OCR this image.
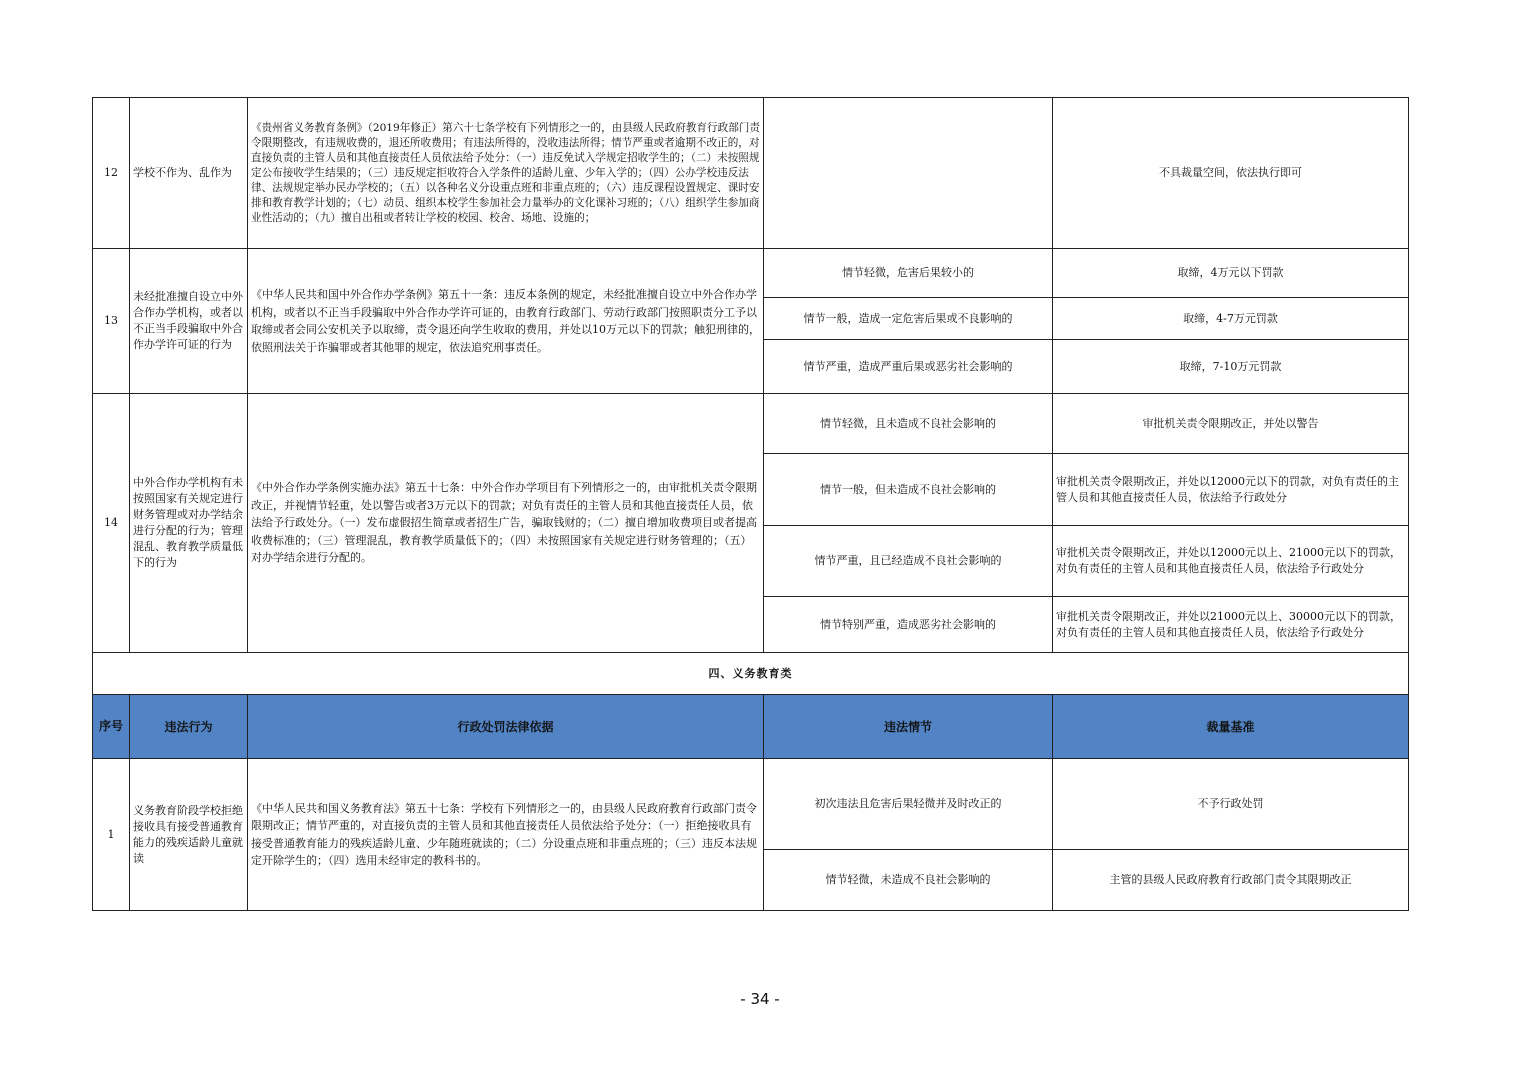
12	学校不作为、乱作为	《贵州省义务教育条例》（2019年修正）第六十七条学校有下列情形之一的，由县级人民政府教育行政部门责令限期整改，有违规收费的，退还所收费用；有违法所得的，没收违法所得；情节严重或者逾期不改正的，对直接负责的主管人员和其他直接责任人员依法给予处分：（一）违反免试入学规定招收学生的；（二）未按照规定公布接收学生结果的；（三）违反规定拒收符合入学条件的适龄儿童、少年入学的；（四）公办学校违反法律、法规规定举办民办学校的；（五）以各种名义分设重点班和非重点班的；（六）违反课程设置规定、课时安排和教育教学计划的；（七）动员、组织本校学生参加社会力量举办的文化课补习班的；（八）组织学生参加商业性活动的；（九）擅自出租或者转让学校的校园、校舍、场地、设施的；		不具裁量空间，依法执行即可
13	未经批准擅自设立中外合作办学机构，或者以不正当手段骗取中外合作办学许可证的行为	《中华人民共和国中外合作办学条例》第五十一条：违反本条例的规定，未经批准擅自设立中外合作办学机构，或者以不正当手段骗取中外合作办学许可证的，由教育行政部门、劳动行政部门按照职责分工予以取缔或者会同公安机关予以取缔，责令退还向学生收取的费用，并处以10万元以下的罚款；触犯刑律的，依照刑法关于诈骗罪或者其他罪的规定，依法追究刑事责任。	情节轻微，危害后果较小的	取缔，4万元以下罚款
			情节一般，造成一定危害后果或不良影响的	取缔，4-7万元罚款
			情节严重，造成严重后果或恶劣社会影响的	取缔，7-10万元罚款
14	中外合作办学机构有未按照国家有关规定进行财务管理或对办学结余进行分配的行为；管理混乱、教育教学质量低下的行为	《中外合作办学条例实施办法》第五十七条：中外合作办学项目有下列情形之一的，由审批机关责令限期改正，并视情节轻重，处以警告或者3万元以下的罚款；对负有责任的主管人员和其他直接责任人员，依法给予行政处分。（一）发布虚假招生简章或者招生广告，骗取钱财的；（二）擅自增加收费项目或者提高收费标准的；（三）管理混乱，教育教学质量低下的；（四）未按照国家有关规定进行财务管理的；（五）对办学结余进行分配的。	情节轻微，且未造成不良社会影响的	审批机关责令限期改正，并处以警告
			情节一般，但未造成不良社会影响的	审批机关责令限期改正，并处以12000元以下的罚款，对负有责任的主管人员和其他直接责任人员，依法给予行政处分
			情节严重，且已经造成不良社会影响的	审批机关责令限期改正，并处以12000元以上、21000元以下的罚款，对负有责任的主管人员和其他直接责任人员，依法给予行政处分
			情节特别严重，造成恶劣社会影响的	审批机关责令限期改正，并处以21000元以上、30000元以下的罚款，对负有责任的主管人员和其他直接责任人员，依法给予行政处分
四、义务教育类				
序号	违法行为	行政处罚法律依据	违法情节	裁量基准
1	义务教育阶段学校拒绝接收具有接受普通教育能力的残疾适龄儿童就读	《中华人民共和国义务教育法》第五十七条：学校有下列情形之一的，由县级人民政府教育行政部门责令限期改正；情节严重的，对直接负责的主管人员和其他直接责任人员依法给予处分：（一）拒绝接收具有接受普通教育能力的残疾适龄儿童、少年随班就读的；（二）分设重点班和非重点班的；（三）违反本法规定开除学生的；（四）选用未经审定的教科书的。	初次违法且危害后果轻微并及时改正的	不予行政处罚
			情节轻微，未造成不良社会影响的	主管的县级人民政府教育行政部门责令其限期改正
- 34 -
